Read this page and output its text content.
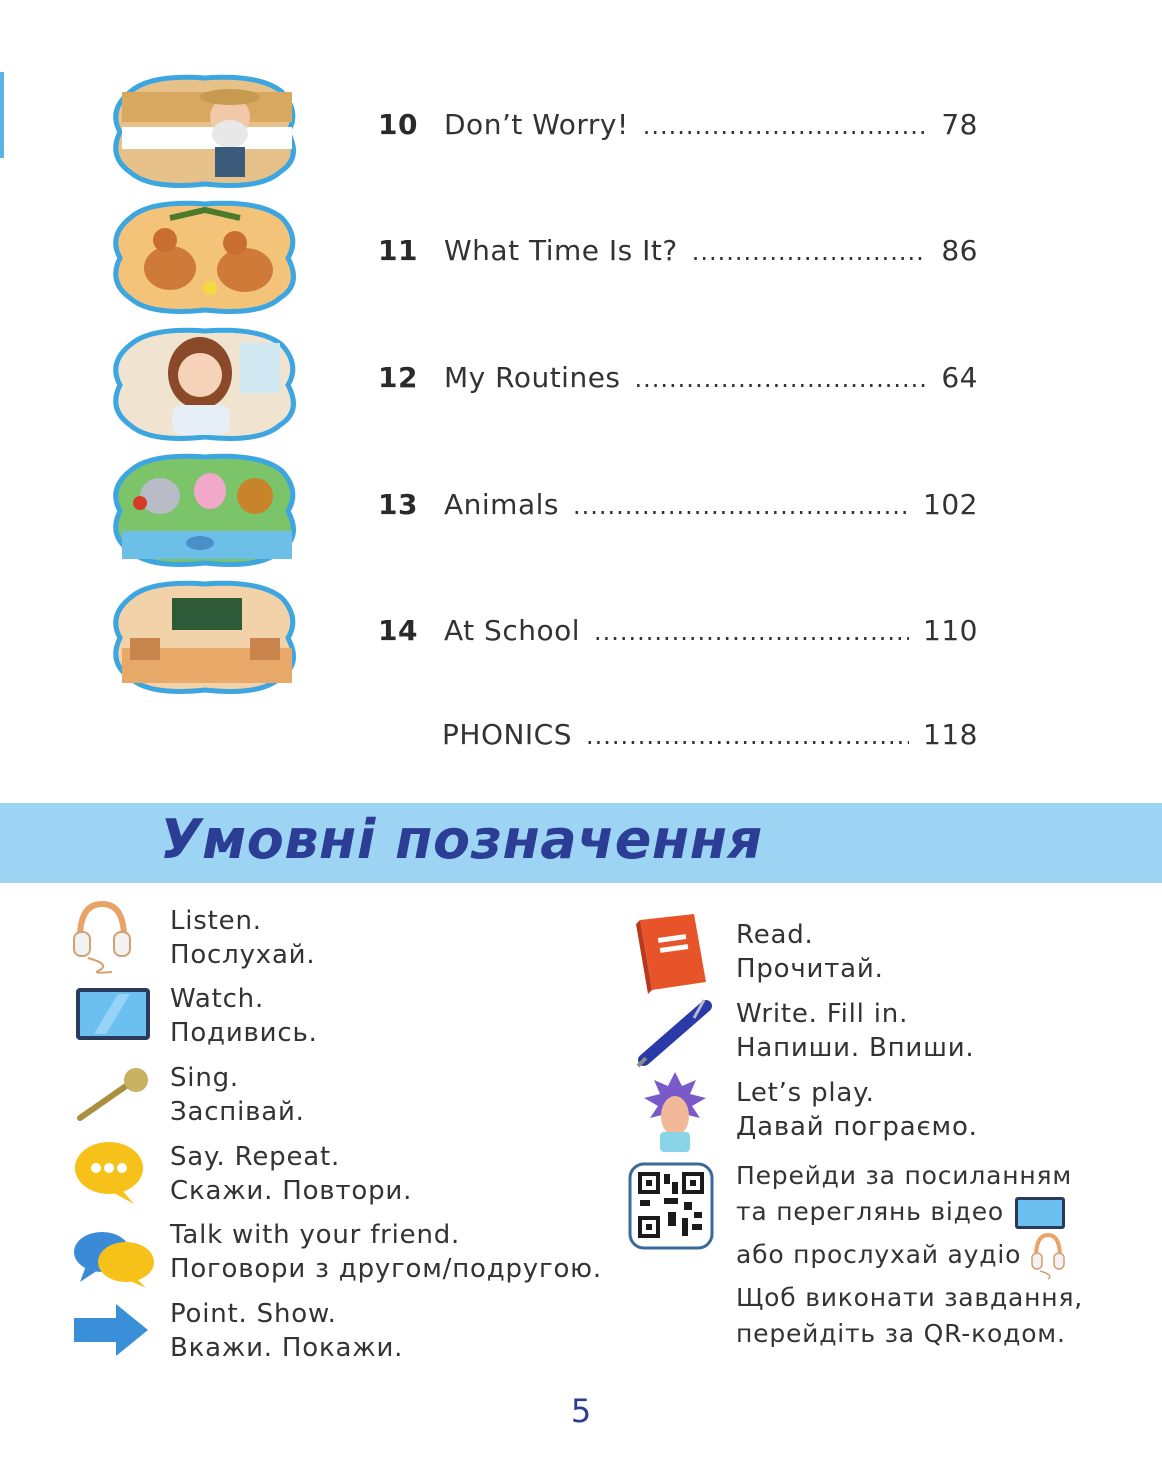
10 Don’t Worry! .....	78
11 What Time Is It? .....	86
12 My Routines .....	64
13 Animals .....	102
14 At School .....	110
PHONICS .....	118
Умовні позначення
Listen.
Послухай.
Watch.
Подивись.
Sing.
Заспівай.
Say. Repeat.
Скажи. Повтори.
Talk with your friend.
Поговори з другом/подругою.
Point. Show.
Вкажи. Покажи.
Read.
Прочитай.
Write. Fill in.
Напиши. Впиши.
Let’s play.
Давай пограємо.
Перейди за посиланням
та переглянь відео
або прослухай аудіо
Щоб виконати завдання,
перейдіть за QR-кодом.
5
